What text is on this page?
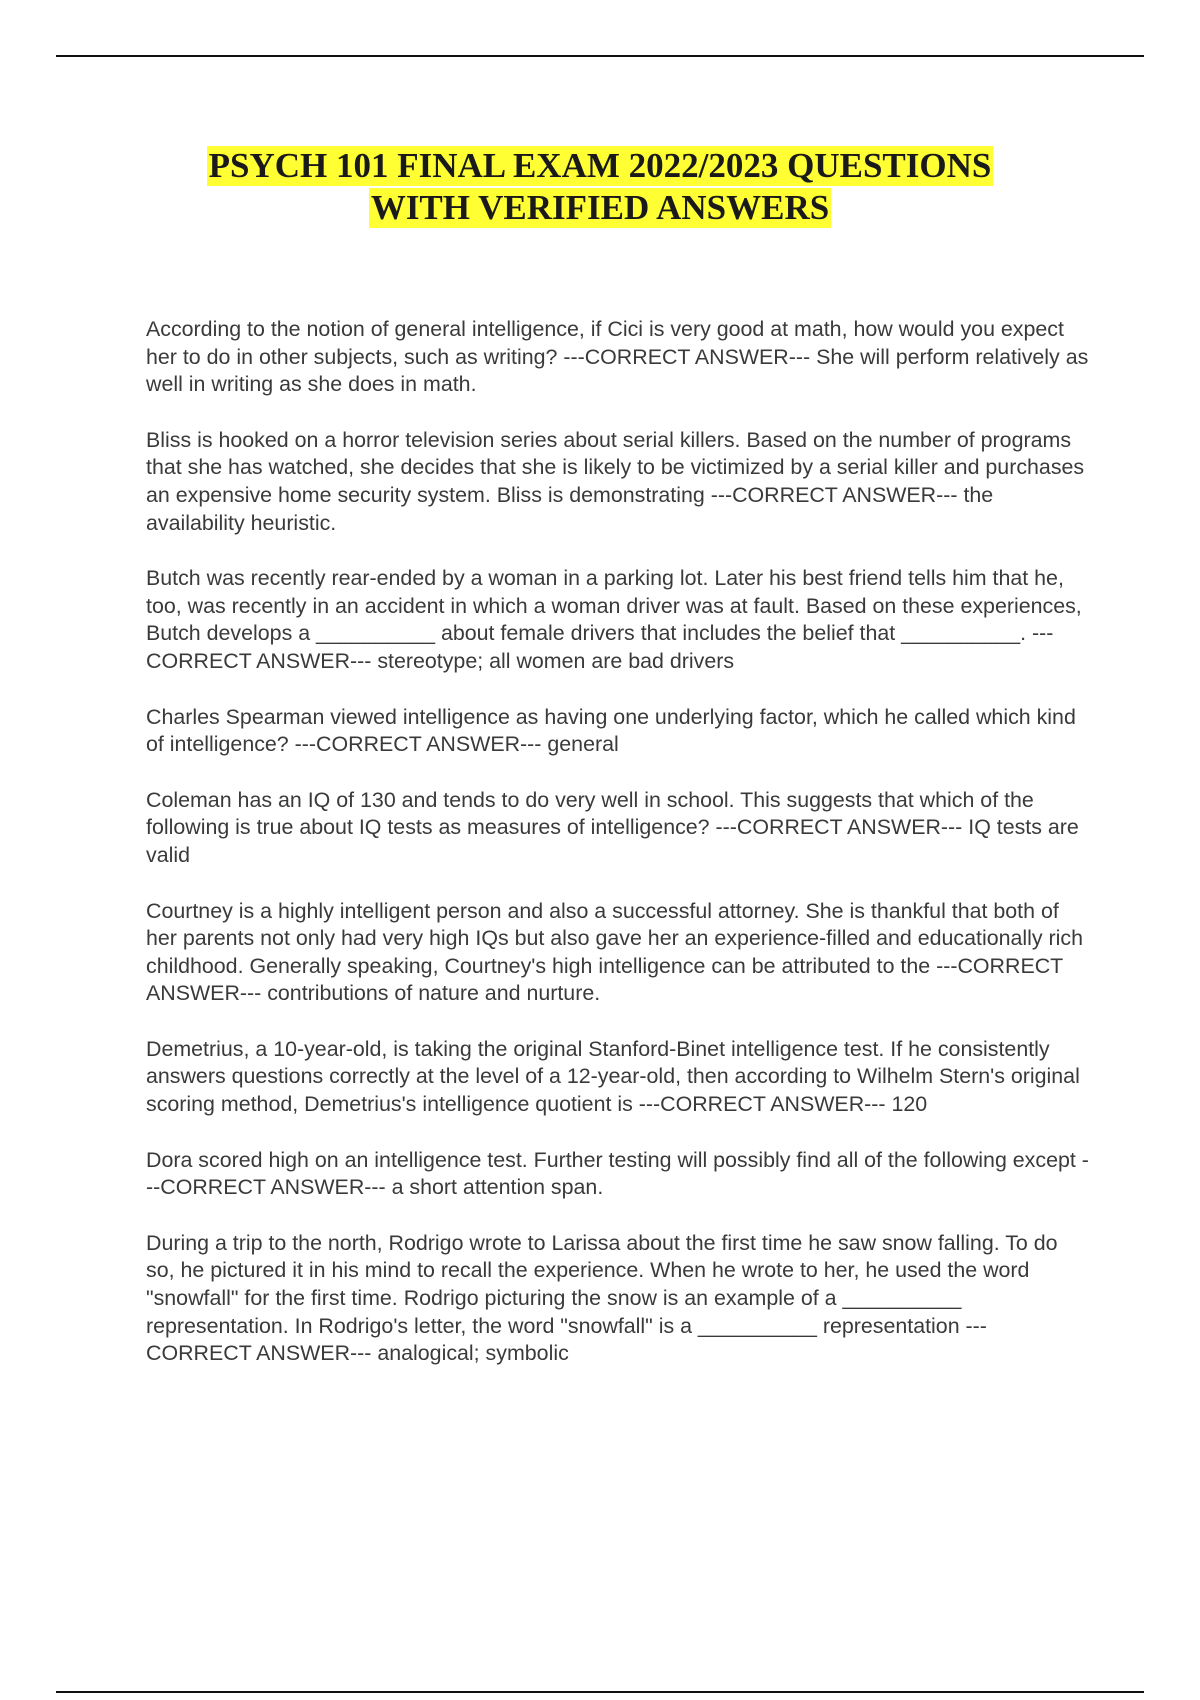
PSYCH 101 FINAL EXAM 2022/2023 QUESTIONS
WITH VERIFIED ANSWERS

According to the notion of general intelligence, if Cici is very good at math, how would you expect her to do in other subjects, such as writing? ---CORRECT ANSWER--- She will perform relatively as well in writing as she does in math.

Bliss is hooked on a horror television series about serial killers. Based on the number of programs that she has watched, she decides that she is likely to be victimized by a serial killer and purchases an expensive home security system. Bliss is demonstrating ---CORRECT ANSWER--- the availability heuristic.

Butch was recently rear-ended by a woman in a parking lot. Later his best friend tells him that he, too, was recently in an accident in which a woman driver was at fault. Based on these experiences, Butch develops a __________ about female drivers that includes the belief that __________. ---CORRECT ANSWER--- stereotype; all women are bad drivers

Charles Spearman viewed intelligence as having one underlying factor, which he called which kind of intelligence? ---CORRECT ANSWER--- general

Coleman has an IQ of 130 and tends to do very well in school. This suggests that which of the following is true about IQ tests as measures of intelligence? ---CORRECT ANSWER--- IQ tests are valid

Courtney is a highly intelligent person and also a successful attorney. She is thankful that both of her parents not only had very high IQs but also gave her an experience-filled and educationally rich childhood. Generally speaking, Courtney's high intelligence can be attributed to the ---CORRECT ANSWER--- contributions of nature and nurture.

Demetrius, a 10-year-old, is taking the original Stanford-Binet intelligence test. If he consistently answers questions correctly at the level of a 12-year-old, then according to Wilhelm Stern's original scoring method, Demetrius's intelligence quotient is ---CORRECT ANSWER--- 120

Dora scored high on an intelligence test. Further testing will possibly find all of the following except ---CORRECT ANSWER--- a short attention span.

During a trip to the north, Rodrigo wrote to Larissa about the first time he saw snow falling. To do so, he pictured it in his mind to recall the experience. When he wrote to her, he used the word "snowfall" for the first time. Rodrigo picturing the snow is an example of a __________ representation. In Rodrigo's letter, the word "snowfall" is a __________ representation ---CORRECT ANSWER--- analogical; symbolic
